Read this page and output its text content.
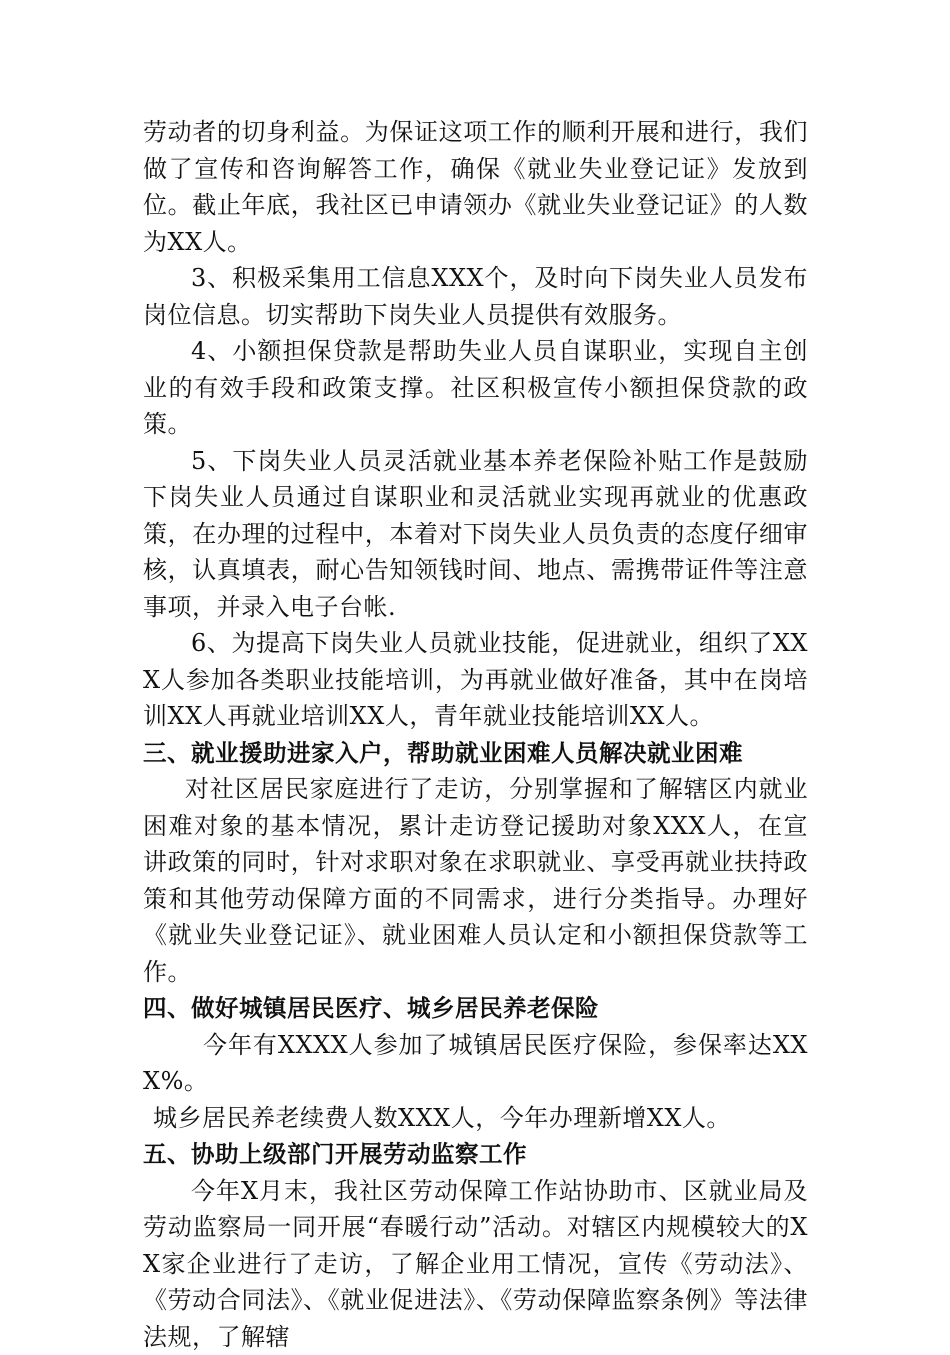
劳动者的切身利益。为保证这项工作的顺利开展和进行，我们做了宣传和咨询解答工作，确保《就业失业登记证》发放到位。截止年底，我社区已申请领办《就业失业登记证》的人数为XX人。

3、积极采集用工信息XXX个，及时向下岗失业人员发布岗位信息。切实帮助下岗失业人员提供有效服务。

4、小额担保贷款是帮助失业人员自谋职业，实现自主创业的有效手段和政策支撑。社区积极宣传小额担保贷款的政策。

5、下岗失业人员灵活就业基本养老保险补贴工作是鼓励下岗失业人员通过自谋职业和灵活就业实现再就业的优惠政策，在办理的过程中，本着对下岗失业人员负责的态度仔细审核，认真填表，耐心告知领钱时间、地点、需携带证件等注意事项，并录入电子台帐.

6、为提高下岗失业人员就业技能，促进就业，组织了XXX人参加各类职业技能培训，为再就业做好准备，其中在岗培训XX人再就业培训XX人，青年就业技能培训XX人。

三、就业援助进家入户，帮助就业困难人员解决就业困难

对社区居民家庭进行了走访，分别掌握和了解辖区内就业困难对象的基本情况，累计走访登记援助对象XXX人，在宣讲政策的同时，针对求职对象在求职就业、享受再就业扶持政策和其他劳动保障方面的不同需求，进行分类指导。办理好《就业失业登记证》、就业困难人员认定和小额担保贷款等工作。

四、做好城镇居民医疗、城乡居民养老保险

今年有XXXX人参加了城镇居民医疗保险，参保率达XXX%。

城乡居民养老续费人数XXX人，今年办理新增XX人。

五、协助上级部门开展劳动监察工作

今年X月末，我社区劳动保障工作站协助市、区就业局及劳动监察局一同开展“春暖行动”活动。对辖区内规模较大的XX家企业进行了走访，了解企业用工情况，宣传《劳动法》、《劳动合同法》、《就业促进法》、《劳动保障监察条例》等法律法规，了解辖
